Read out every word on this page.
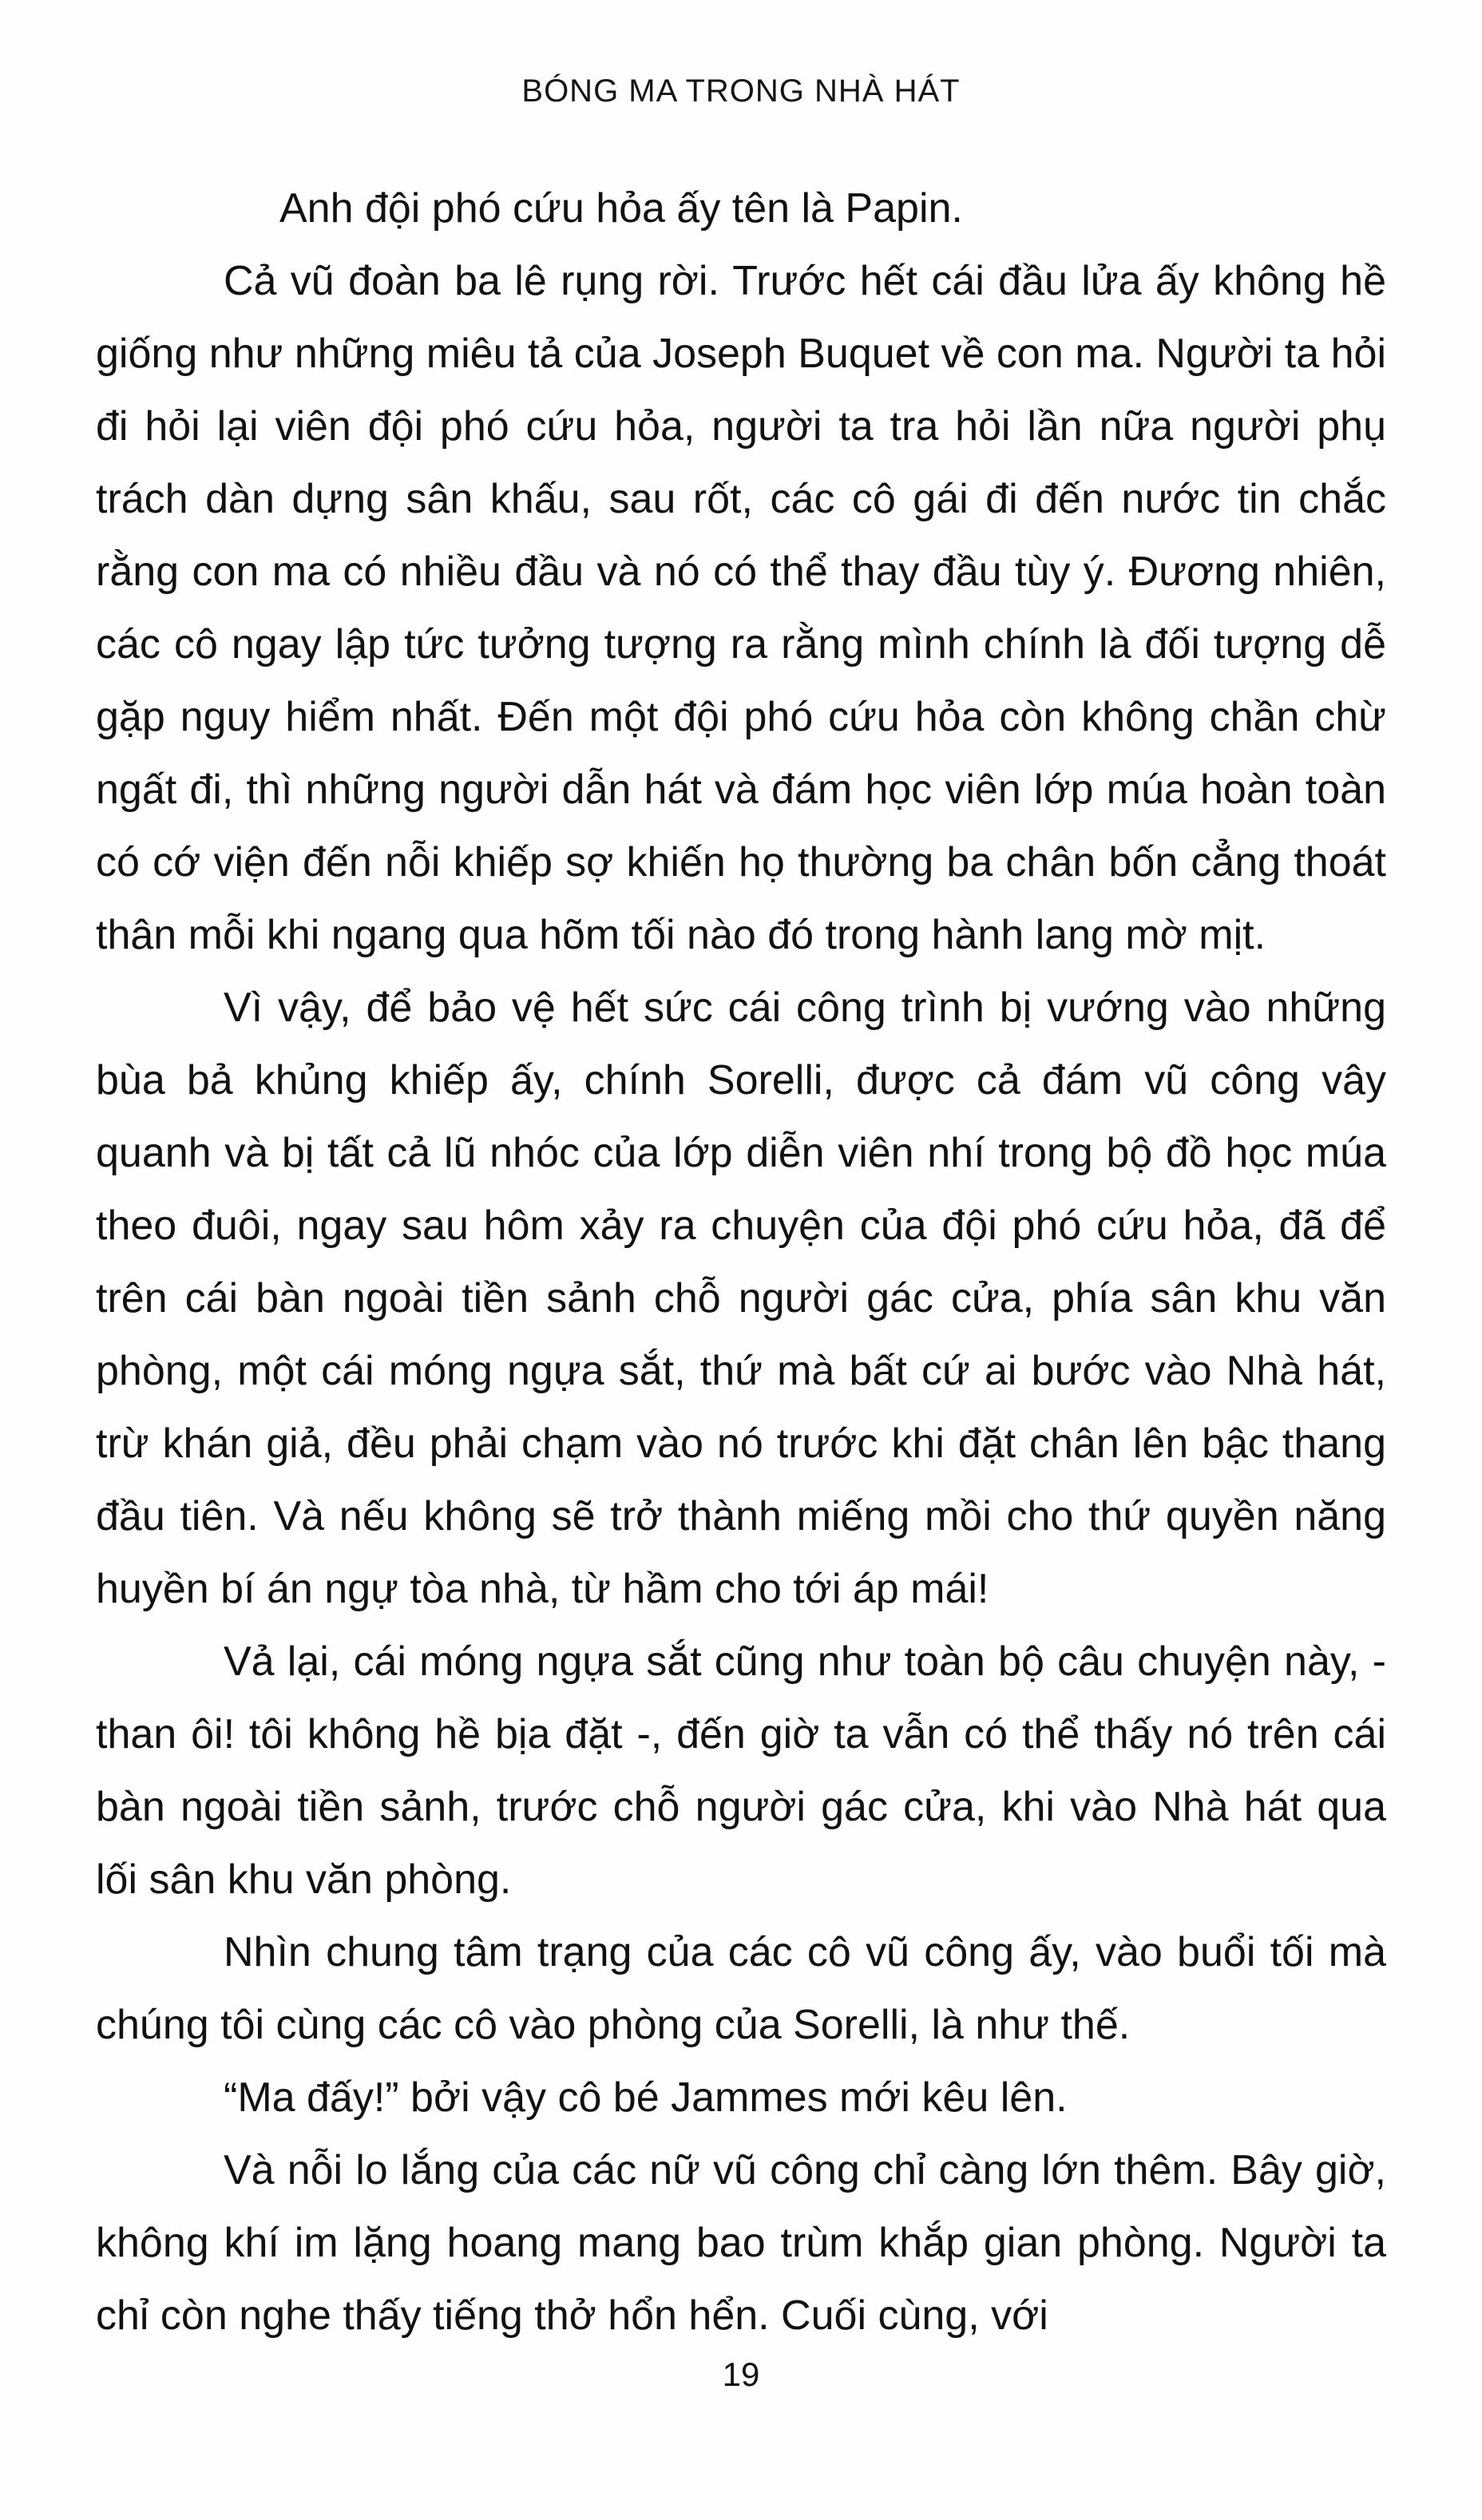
BÓNG MA TRONG NHÀ HÁT

Anh đội phó cứu hỏa ấy tên là Papin.

Cả vũ đoàn ba lê rụng rời. Trước hết cái đầu lửa ấy không hề giống như những miêu tả của Joseph Buquet về con ma. Người ta hỏi đi hỏi lại viên đội phó cứu hỏa, người ta tra hỏi lần nữa người phụ trách dàn dựng sân khấu, sau rốt, các cô gái đi đến nước tin chắc rằng con ma có nhiều đầu và nó có thể thay đầu tùy ý. Đương nhiên, các cô ngay lập tức tưởng tượng ra rằng mình chính là đối tượng dễ gặp nguy hiểm nhất. Đến một đội phó cứu hỏa còn không chần chừ ngất đi, thì những người dẫn hát và đám học viên lớp múa hoàn toàn có cớ viện đến nỗi khiếp sợ khiến họ thường ba chân bốn cẳng thoát thân mỗi khi ngang qua hõm tối nào đó trong hành lang mờ mịt.

Vì vậy, để bảo vệ hết sức cái công trình bị vướng vào những bùa bả khủng khiếp ấy, chính Sorelli, được cả đám vũ công vây quanh và bị tất cả lũ nhóc của lớp diễn viên nhí trong bộ đồ học múa theo đuôi, ngay sau hôm xảy ra chuyện của đội phó cứu hỏa, đã để trên cái bàn ngoài tiền sảnh chỗ người gác cửa, phía sân khu văn phòng, một cái móng ngựa sắt, thứ mà bất cứ ai bước vào Nhà hát, trừ khán giả, đều phải chạm vào nó trước khi đặt chân lên bậc thang đầu tiên. Và nếu không sẽ trở thành miếng mồi cho thứ quyền năng huyền bí án ngự tòa nhà, từ hầm cho tới áp mái!

Vả lại, cái móng ngựa sắt cũng như toàn bộ câu chuyện này, - than ôi! tôi không hề bịa đặt -, đến giờ ta vẫn có thể thấy nó trên cái bàn ngoài tiền sảnh, trước chỗ người gác cửa, khi vào Nhà hát qua lối sân khu văn phòng.

Nhìn chung tâm trạng của các cô vũ công ấy, vào buổi tối mà chúng tôi cùng các cô vào phòng của Sorelli, là như thế.

“Ma đấy!” bởi vậy cô bé Jammes mới kêu lên.

Và nỗi lo lắng của các nữ vũ công chỉ càng lớn thêm. Bây giờ, không khí im lặng hoang mang bao trùm khắp gian phòng. Người ta chỉ còn nghe thấy tiếng thở hổn hển. Cuối cùng, với

19
